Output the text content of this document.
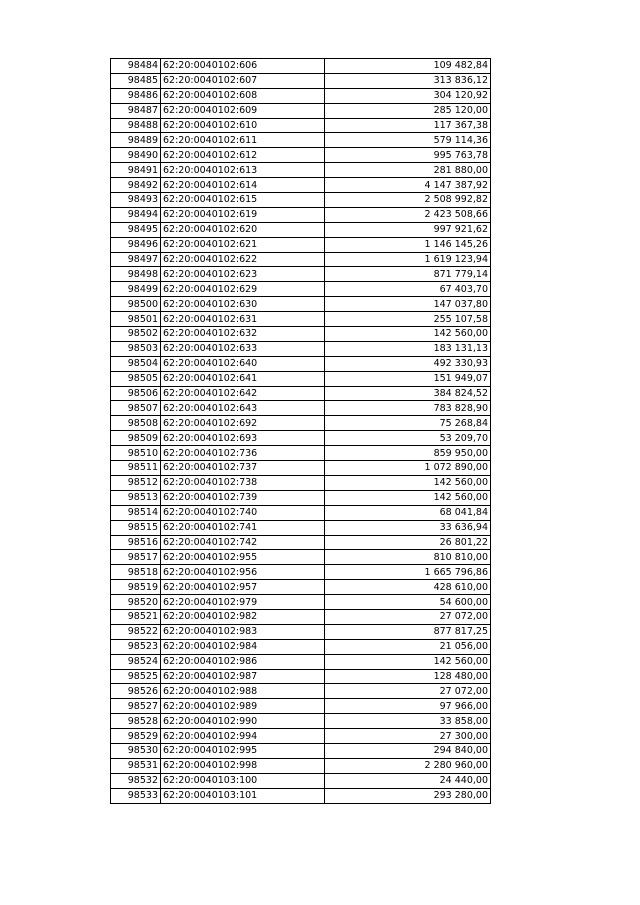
98484	62:20:0040102:606	109 482,84
98485	62:20:0040102:607	313 836,12
98486	62:20:0040102:608	304 120,92
98487	62:20:0040102:609	285 120,00
98488	62:20:0040102:610	117 367,38
98489	62:20:0040102:611	579 114,36
98490	62:20:0040102:612	995 763,78
98491	62:20:0040102:613	281 880,00
98492	62:20:0040102:614	4 147 387,92
98493	62:20:0040102:615	2 508 992,82
98494	62:20:0040102:619	2 423 508,66
98495	62:20:0040102:620	997 921,62
98496	62:20:0040102:621	1 146 145,26
98497	62:20:0040102:622	1 619 123,94
98498	62:20:0040102:623	871 779,14
98499	62:20:0040102:629	67 403,70
98500	62:20:0040102:630	147 037,80
98501	62:20:0040102:631	255 107,58
98502	62:20:0040102:632	142 560,00
98503	62:20:0040102:633	183 131,13
98504	62:20:0040102:640	492 330,93
98505	62:20:0040102:641	151 949,07
98506	62:20:0040102:642	384 824,52
98507	62:20:0040102:643	783 828,90
98508	62:20:0040102:692	75 268,84
98509	62:20:0040102:693	53 209,70
98510	62:20:0040102:736	859 950,00
98511	62:20:0040102:737	1 072 890,00
98512	62:20:0040102:738	142 560,00
98513	62:20:0040102:739	142 560,00
98514	62:20:0040102:740	68 041,84
98515	62:20:0040102:741	33 636,94
98516	62:20:0040102:742	26 801,22
98517	62:20:0040102:955	810 810,00
98518	62:20:0040102:956	1 665 796,86
98519	62:20:0040102:957	428 610,00
98520	62:20:0040102:979	54 600,00
98521	62:20:0040102:982	27 072,00
98522	62:20:0040102:983	877 817,25
98523	62:20:0040102:984	21 056,00
98524	62:20:0040102:986	142 560,00
98525	62:20:0040102:987	128 480,00
98526	62:20:0040102:988	27 072,00
98527	62:20:0040102:989	97 966,00
98528	62:20:0040102:990	33 858,00
98529	62:20:0040102:994	27 300,00
98530	62:20:0040102:995	294 840,00
98531	62:20:0040102:998	2 280 960,00
98532	62:20:0040103:100	24 440,00
98533	62:20:0040103:101	293 280,00
